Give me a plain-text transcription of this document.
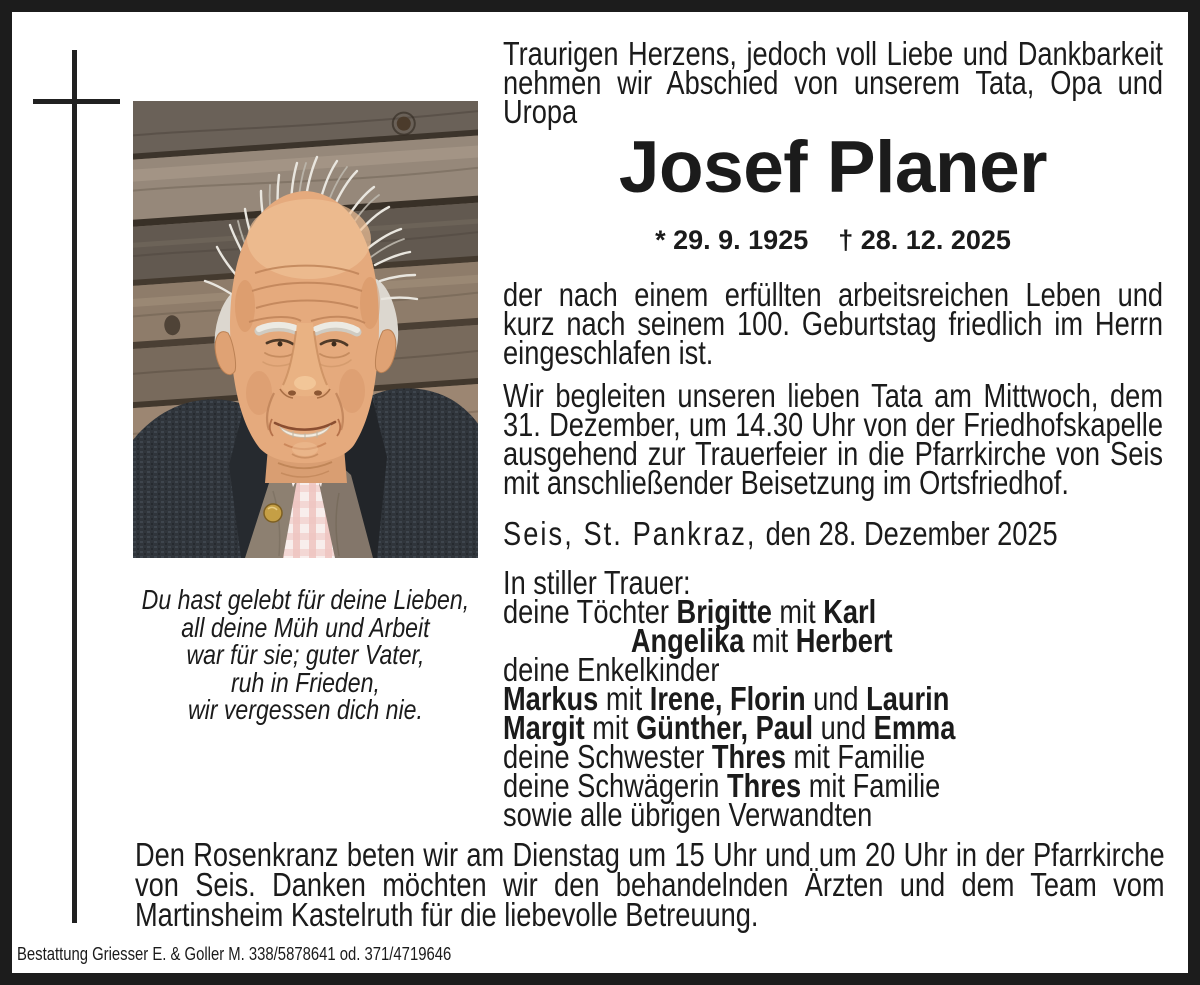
Du hast gelebt für deine Lieben,
all deine Müh und Arbeit
war für sie; guter Vater,
ruh in Frieden,
wir vergessen dich nie.
Josef Planer
* 29. 9. 1925 † 28. 12. 2025
Traurigen Herzens, jedoch voll Liebe und Dankbarkeit
nehmen wir Abschied von unserem Tata, Opa und
Uropa
der nach einem erfüllten arbeitsreichen Leben und
kurz nach seinem 100. Geburtstag friedlich im Herrn
eingeschlafen ist.
Wir begleiten unseren lieben Tata am Mittwoch, dem
31. Dezember, um 14.30 Uhr von der Friedhofskapelle
ausgehend zur Trauerfeier in die Pfarrkirche von Seis
mit anschließender Beisetzung im Ortsfriedhof.
Seis, St. Pankraz, den 28. Dezember 2025
In stiller Trauer:
deine Töchter Brigitte mit Karl
Angelika mit Herbert
deine Enkelkinder
Markus mit Irene, Florin und Laurin
Margit mit Günther, Paul und Emma
deine Schwester Thres mit Familie
deine Schwägerin Thres mit Familie
sowie alle übrigen Verwandten
Den Rosenkranz beten wir am Dienstag um 15 Uhr und um 20 Uhr in der Pfarrkirche
von Seis. Danken möchten wir den behandelnden Ärzten und dem Team vom
Martinsheim Kastelruth für die liebevolle Betreuung.
Bestattung Griesser E. & Goller M. 338/5878641 od. 371/4719646
